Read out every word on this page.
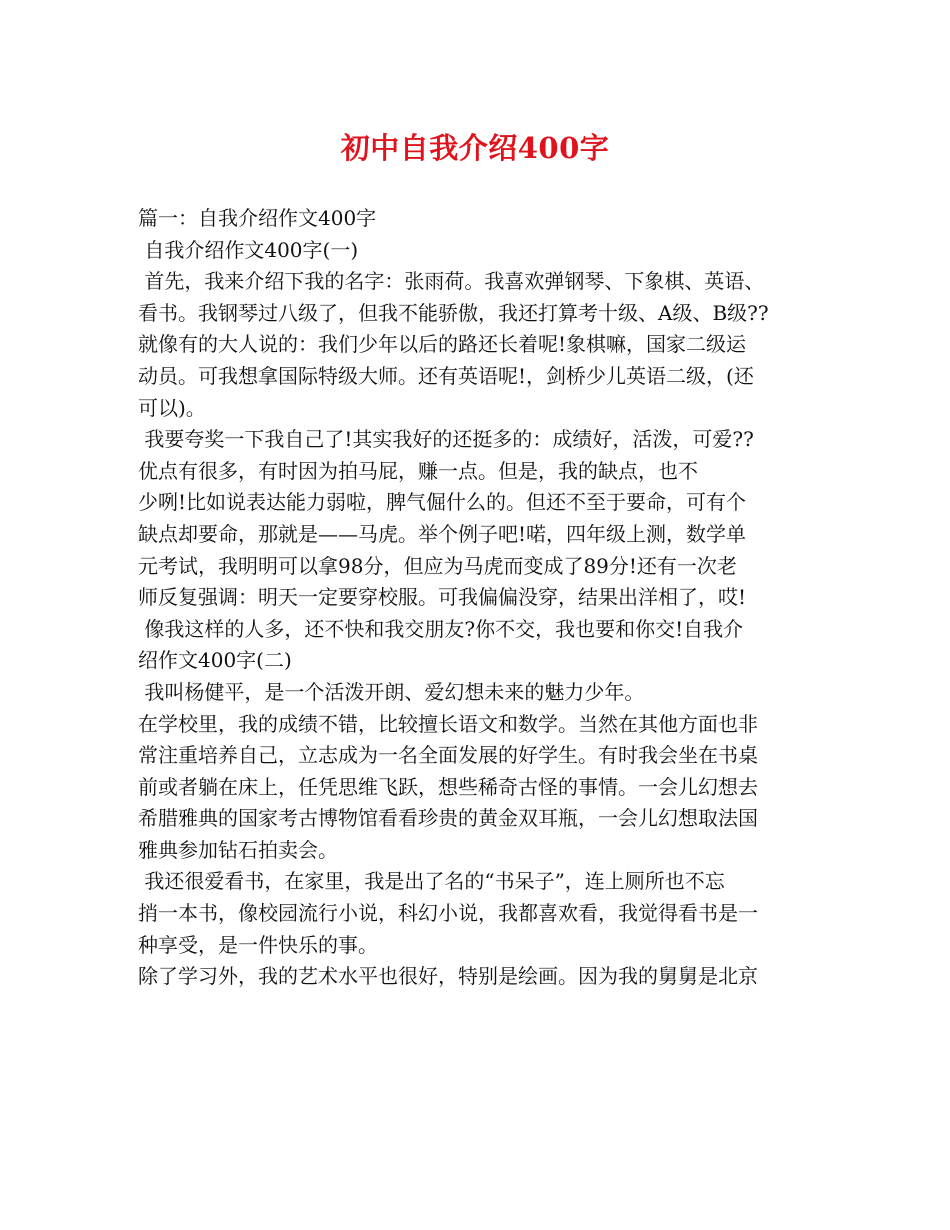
初中自我介绍400字
篇一：自我介绍作文400字
自我介绍作文400字(一)
首先，我来介绍下我的名字：张雨荷。我喜欢弹钢琴、下象棋、英语、
看书。我钢琴过八级了，但我不能骄傲，我还打算考十级、A级、B级??
就像有的大人说的：我们少年以后的路还长着呢!象棋嘛，国家二级运
动员。可我想拿国际特级大师。还有英语呢!，剑桥少儿英语二级，(还
可以)。
我要夸奖一下我自己了!其实我好的还挺多的：成绩好，活泼，可爱??
优点有很多，有时因为拍马屁，赚一点。但是，我的缺点，也不
少咧!比如说表达能力弱啦，脾气倔什么的。但还不至于要命，可有个
缺点却要命，那就是——马虎。举个例子吧!喏，四年级上测，数学单
元考试，我明明可以拿98分，但应为马虎而变成了89分!还有一次老
师反复强调：明天一定要穿校服。可我偏偏没穿，结果出洋相了，哎!
像我这样的人多，还不快和我交朋友?你不交，我也要和你交!自我介
绍作文400字(二)
我叫杨健平，是一个活泼开朗、爱幻想未来的魅力少年。
在学校里，我的成绩不错，比较擅长语文和数学。当然在其他方面也非
常注重培养自己，立志成为一名全面发展的好学生。有时我会坐在书桌
前或者躺在床上，任凭思维飞跃，想些稀奇古怪的事情。一会儿幻想去
希腊雅典的国家考古博物馆看看珍贵的黄金双耳瓶，一会儿幻想取法国
雅典参加钻石拍卖会。
我还很爱看书，在家里，我是出了名的“书呆子”，连上厕所也不忘
捎一本书，像校园流行小说，科幻小说，我都喜欢看，我觉得看书是一
种享受，是一件快乐的事。
除了学习外，我的艺术水平也很好，特别是绘画。因为我的舅舅是北京
